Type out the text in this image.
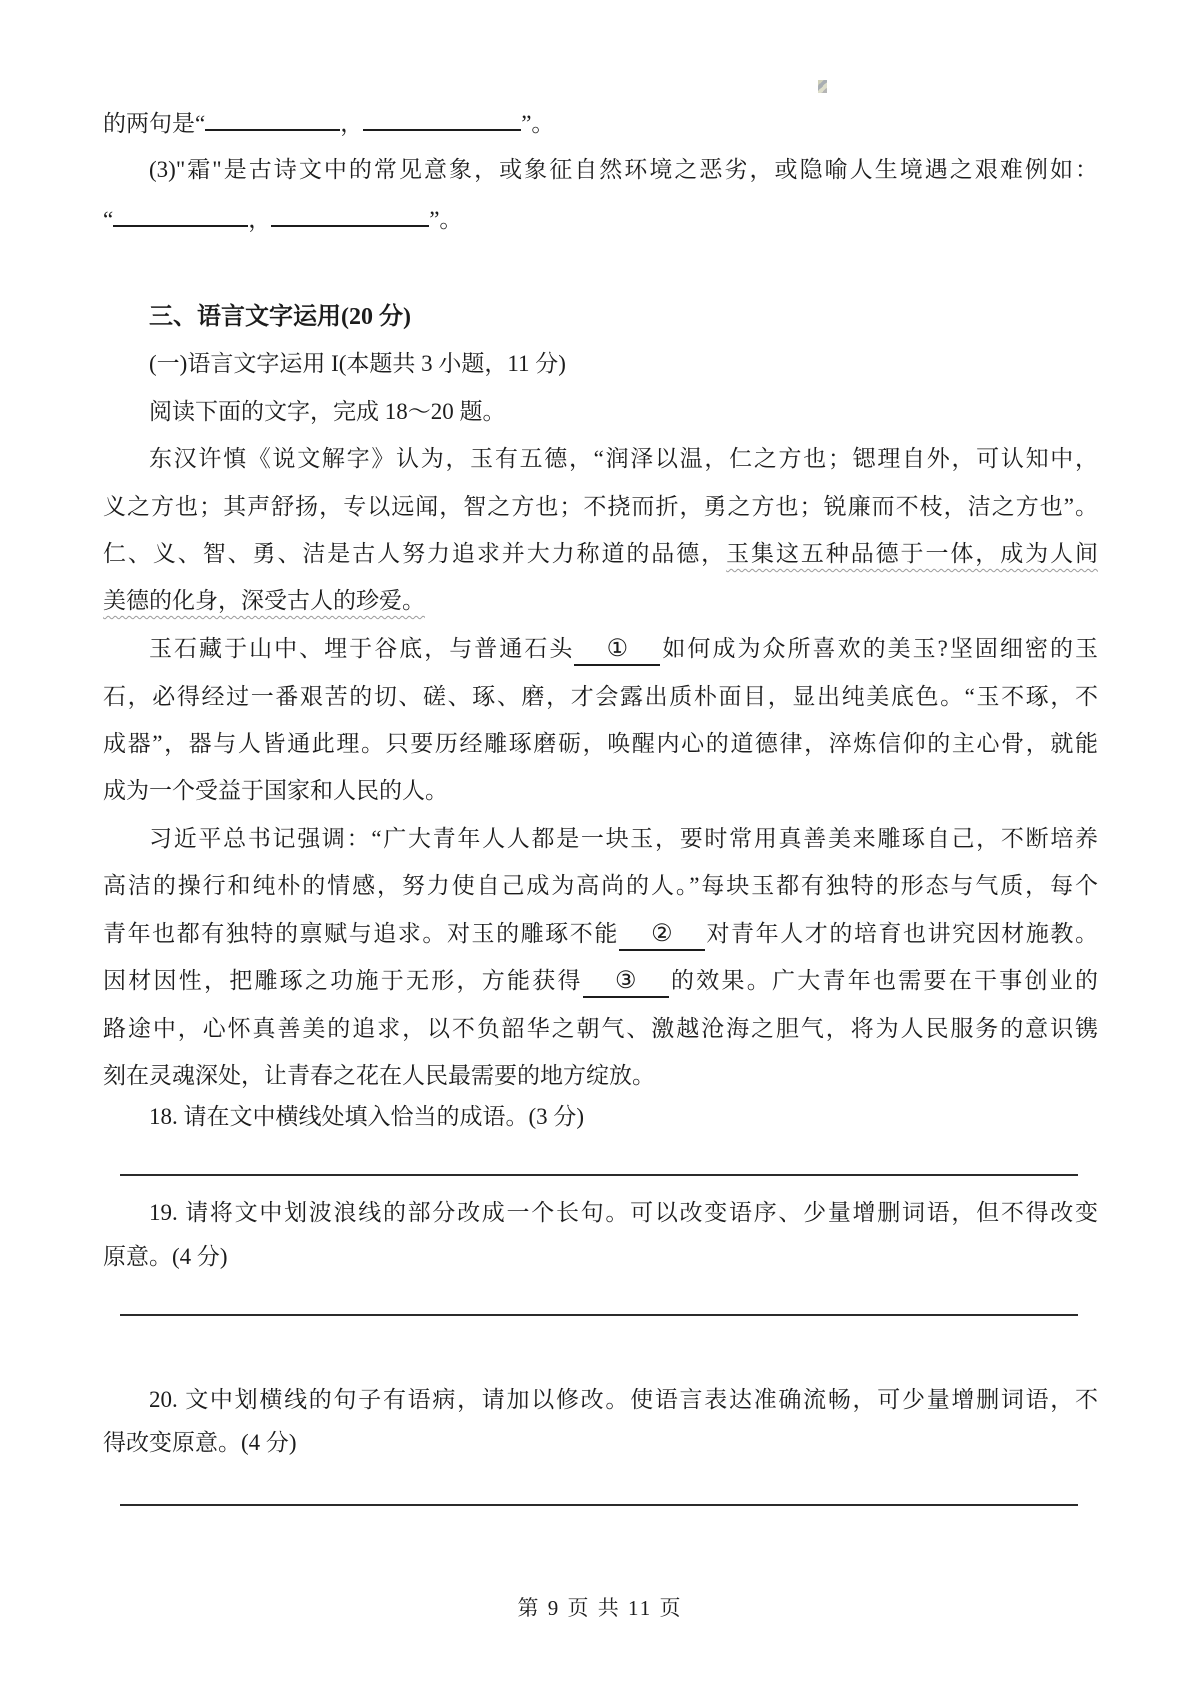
的两句是“	，	”。
(3)"霜"是古诗文中的常见意象，或象征自然环境之恶劣，或隐喻人生境遇之艰难例如：
“	，	”。
三、语言文字运用(20 分)
(一)语言文字运用 I(本题共 3 小题，11 分)
阅读下面的文字，完成 18～20 题。
东汉许慎《说文解字》认为，玉有五德，“润泽以温，仁之方也；锶理自外，可认知中，
义之方也；其声舒扬，专以远闻，智之方也；不挠而折，勇之方也；锐廉而不枝，洁之方也”。
仁、义、智、勇、洁是古人努力追求并大力称道的品德，玉集这五种品德于一体，成为人间
美德的化身，深受古人的珍爱。
玉石藏于山中、埋于谷底，与普通石头 ① 如何成为众所喜欢的美玉?坚固细密的玉
石，必得经过一番艰苦的切、磋、琢、磨，才会露出质朴面目，显出纯美底色。“玉不琢，不
成器”，器与人皆通此理。只要历经雕琢磨砺，唤醒内心的道德律，淬炼信仰的主心骨，就能
成为一个受益于国家和人民的人。
习近平总书记强调：“广大青年人人都是一块玉，要时常用真善美来雕琢自己，不断培养
高洁的操行和纯朴的情感，努力使自己成为高尚的人。”每块玉都有独特的形态与气质，每个
青年也都有独特的禀赋与追求。对玉的雕琢不能 ② 对青年人才的培育也讲究因材施教。
因材因性，把雕琢之功施于无形，方能获得 ③ 的效果。广大青年也需要在干事创业的
路途中，心怀真善美的追求，以不负韶华之朝气、激越沧海之胆气，将为人民服务的意识镌
刻在灵魂深处，让青春之花在人民最需要的地方绽放。
18. 请在文中横线处填入恰当的成语。(3 分)
19. 请将文中划波浪线的部分改成一个长句。可以改变语序、少量增删词语，但不得改变
原意。(4 分)
20. 文中划横线的句子有语病，请加以修改。使语言表达准确流畅，可少量增删词语，不
得改变原意。(4 分)
第 9 页 共 11 页
